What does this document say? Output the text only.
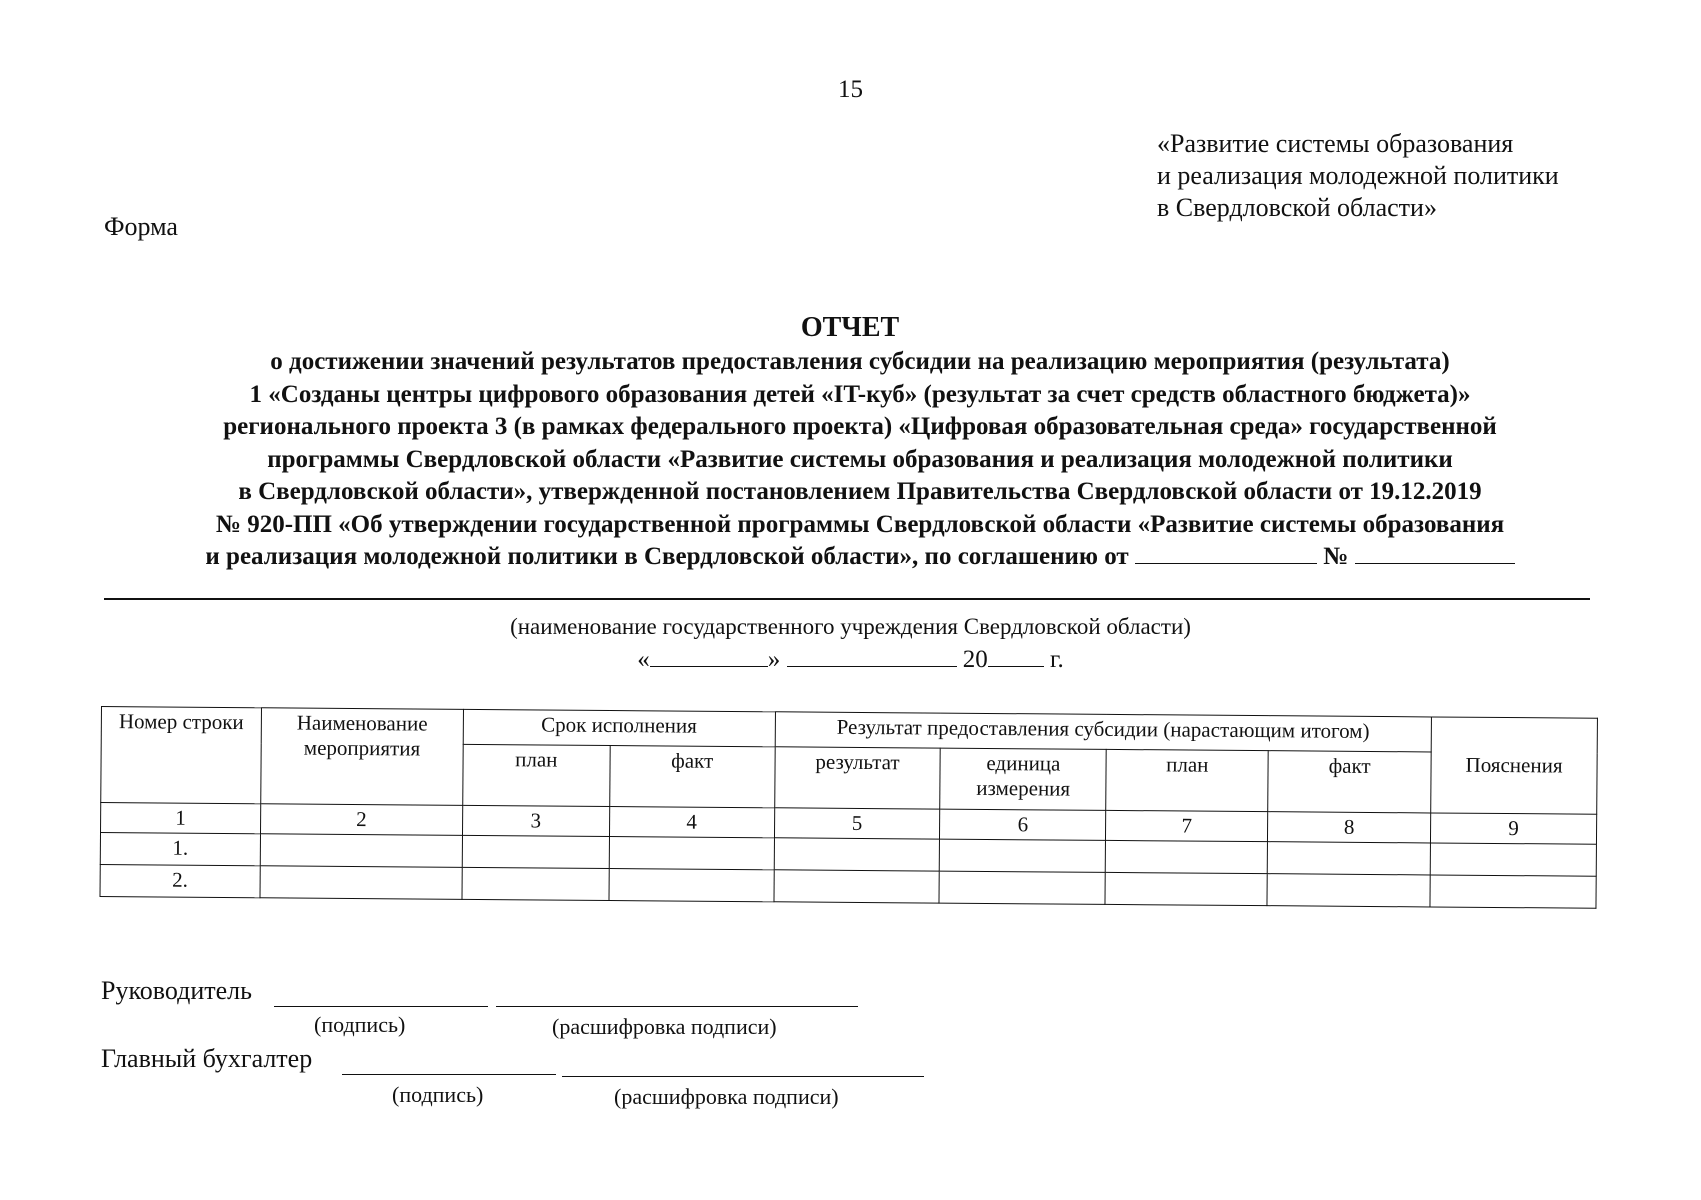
15
«Развитие системы образования
и реализация молодежной политики
в Свердловской области»
Форма
ОТЧЕТ
о достижении значений результатов предоставления субсидии на реализацию мероприятия (результата)
1 «Созданы центры цифрового образования детей «IT-куб» (результат за счет средств областного бюджета)»
регионального проекта 3 (в рамках федерального проекта) «Цифровая образовательная среда» государственной
программы Свердловской области «Развитие системы образования и реализация молодежной политики
в Свердловской области», утвержденной постановлением Правительства Свердловской области от 19.12.2019
№ 920-ПП «Об утверждении государственной программы Свердловской области «Развитие системы образования
и реализация молодежной политики в Свердловской области», по соглашению от	№
(наименование государственного учреждения Свердловской области)
«	»	20 г.
Номер строки	Наименование мероприятия	Срок исполнения		Результат предоставления субсидии (нарастающим итогом)				Пояснения
		план	факт	результат	единица измерения	план	факт	
1	2	3	4	5	6	7	8	9
1.								
2.								
Руководитель
(подпись)	(расшифровка подписи)
Главный бухгалтер
(подпись)	(расшифровка подписи)
